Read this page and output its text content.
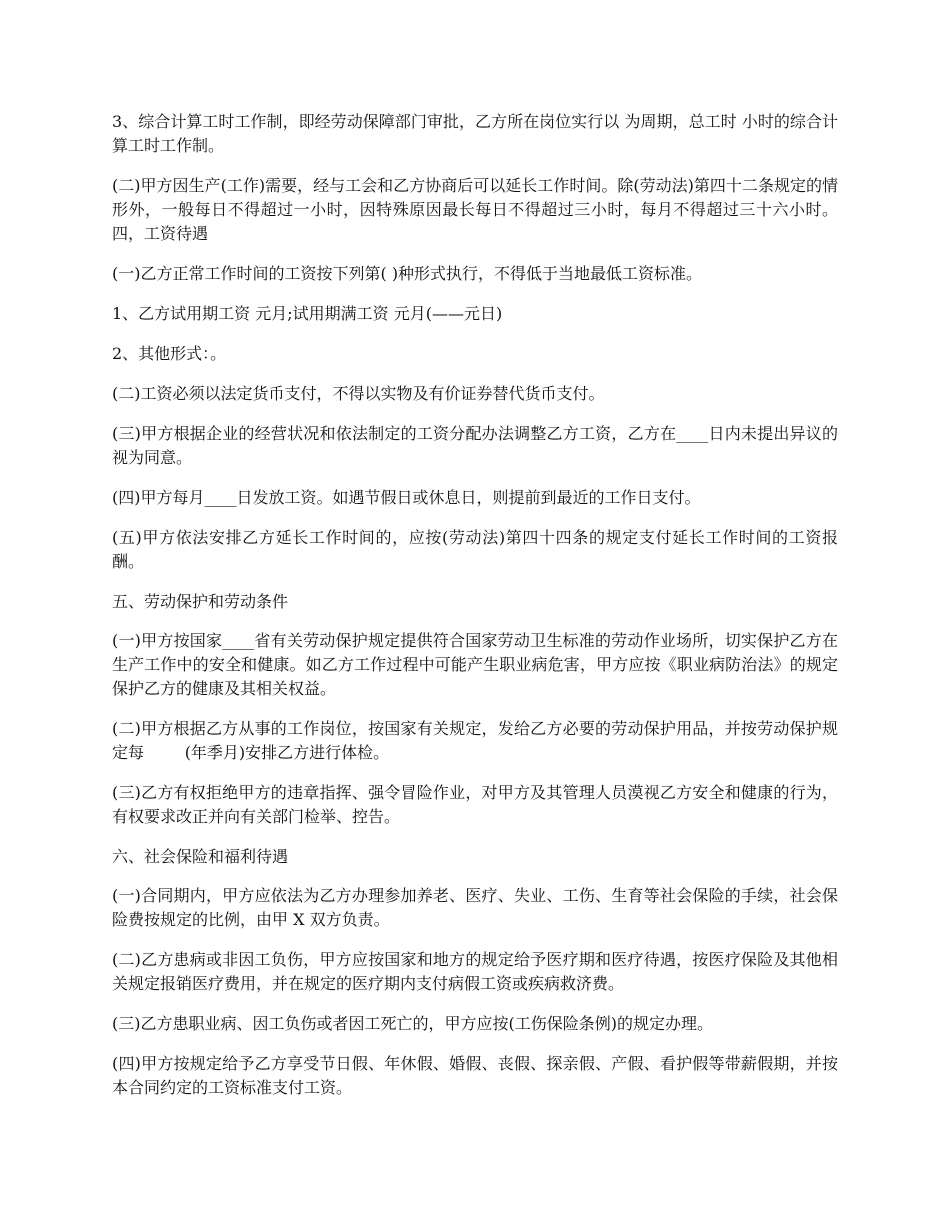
3、综合计算工时工作制，即经劳动保障部门审批，乙方所在岗位实行以 为周期，总工时 小时的综合计算工时工作制。

(二)甲方因生产(工作)需要，经与工会和乙方协商后可以延长工作时间。除(劳动法)第四十二条规定的情形外，一般每日不得超过一小时，因特殊原因最长每日不得超过三小时，每月不得超过三十六小时。        四，工资待遇

(一)乙方正常工作时间的工资按下列第( )种形式执行，不得低于当地最低工资标准。

1、乙方试用期工资 元月;试用期满工资 元月(——元日)

2、其他形式：。

(二)工资必须以法定货币支付，不得以实物及有价证券替代货币支付。

(三)甲方根据企业的经营状况和依法制定的工资分配办法调整乙方工资，乙方在____日内未提出异议的视为同意。

(四)甲方每月____日发放工资。如遇节假日或休息日，则提前到最近的工作日支付。

(五)甲方依法安排乙方延长工作时间的，应按(劳动法)第四十四条的规定支付延长工作时间的工资报酬。

五、劳动保护和劳动条件

(一)甲方按国家____省有关劳动保护规定提供符合国家劳动卫生标准的劳动作业场所，切实保护乙方在生产工作中的安全和健康。如乙方工作过程中可能产生职业病危害，甲方应按《职业病防治法》的规定保护乙方的健康及其相关权益。

(二)甲方根据乙方从事的工作岗位，按国家有关规定，发给乙方必要的劳动保护用品，并按劳动保护规定每        (年季月)安排乙方进行体检。

(三)乙方有权拒绝甲方的违章指挥、强令冒险作业，对甲方及其管理人员漠视乙方安全和健康的行为，有权要求改正并向有关部门检举、控告。

六、社会保险和福利待遇

(一)合同期内，甲方应依法为乙方办理参加养老、医疗、失业、工伤、生育等社会保险的手续，社会保险费按规定的比例，由甲 X 双方负责。

(二)乙方患病或非因工负伤，甲方应按国家和地方的规定给予医疗期和医疗待遇，按医疗保险及其他相关规定报销医疗费用，并在规定的医疗期内支付病假工资或疾病救济费。

(三)乙方患职业病、因工负伤或者因工死亡的，甲方应按(工伤保险条例)的规定办理。

(四)甲方按规定给予乙方享受节日假、年休假、婚假、丧假、探亲假、产假、看护假等带薪假期，并按本合同约定的工资标准支付工资。
